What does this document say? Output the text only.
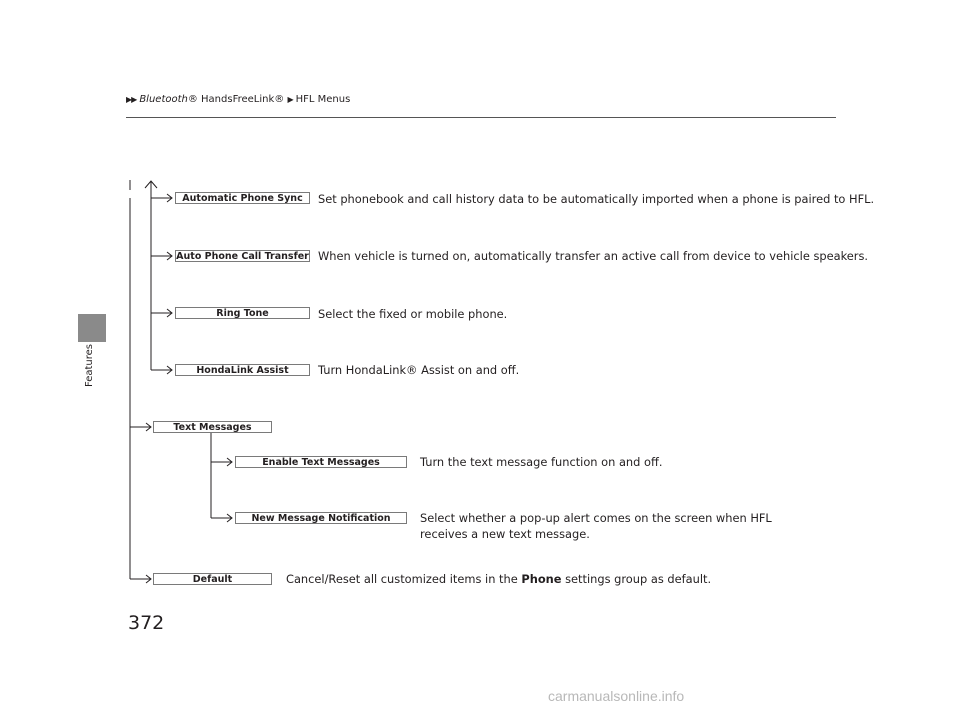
▶▶ Bluetooth® HandsFreeLink® ▶ HFL Menus
Features
Automatic Phone Sync	Set phonebook and call history data to be automatically imported when a phone is paired to HFL.
Auto Phone Call Transfer When vehicle is turned on, automatically transfer an active call from device to vehicle speakers.
Ring Tone	Select the fixed or mobile phone.
HondaLink Assist	Turn HondaLink® Assist on and off.
Text Messages
Enable Text Messages	Turn the text message function on and off.
New Message Notification	Select whether a pop-up alert comes on the screen when HFL
receives a new text message.
Default	Cancel/Reset all customized items in the Phone settings group as default.
372
carmanualsonline.info
